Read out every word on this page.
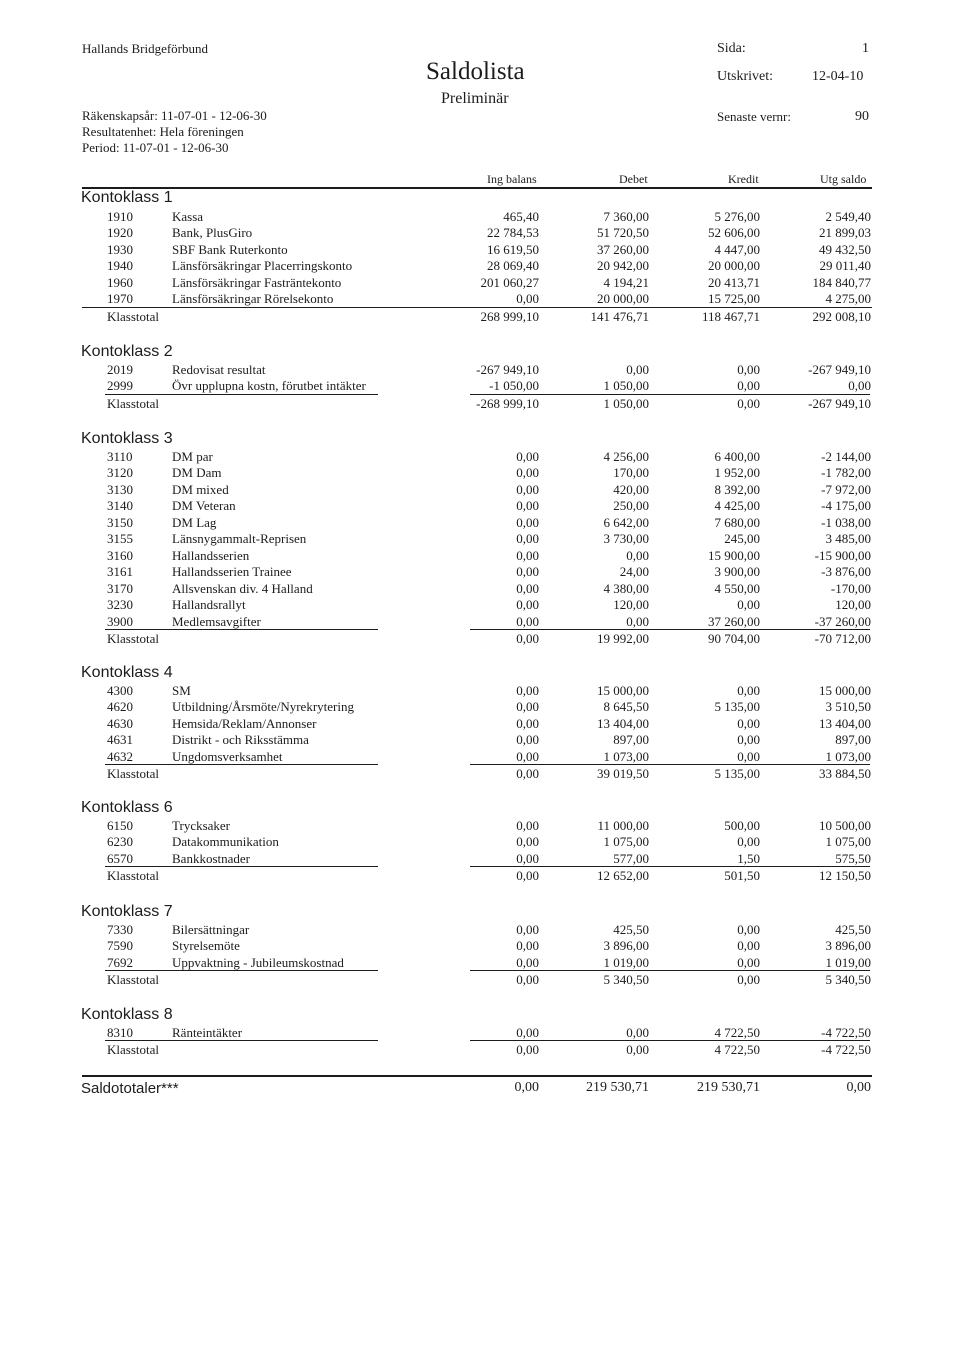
Hallands Bridgeförbund
Saldolista
Preliminär
Sida:	1
Utskrivet:	12-04-10
Senaste vernr:	90
Räkenskapsår: 11-07-01 - 12-06-30
Resultatenhet: Hela föreningen
Period: 11-07-01 - 12-06-30
Ing balans	Debet	Kredit	Utg saldo
Kontoklass 1
1910	Kassa	465,40	7 360,00	5 276,00	2 549,40
1920	Bank, PlusGiro	22 784,53	51 720,50	52 606,00	21 899,03
1930	SBF Bank Ruterkonto	16 619,50	37 260,00	4 447,00	49 432,50
1940	Länsförsäkringar Placerringskonto	28 069,40	20 942,00	20 000,00	29 011,40
1960	Länsförsäkringar Fasträntekonto	201 060,27	4 194,21	20 413,71	184 840,77
1970	Länsförsäkringar Rörelsekonto	0,00	20 000,00	15 725,00	4 275,00
Klasstotal	268 999,10	141 476,71	118 467,71	292 008,10
Kontoklass 2
2019	Redovisat resultat	-267 949,10	0,00	0,00	-267 949,10
2999	Övr upplupna kostn, förutbet intäkter	-1 050,00	1 050,00	0,00	0,00
Klasstotal	-268 999,10	1 050,00	0,00	-267 949,10
Kontoklass 3
3110	DM par	0,00	4 256,00	6 400,00	-2 144,00
3120	DM Dam	0,00	170,00	1 952,00	-1 782,00
3130	DM mixed	0,00	420,00	8 392,00	-7 972,00
3140	DM Veteran	0,00	250,00	4 425,00	-4 175,00
3150	DM Lag	0,00	6 642,00	7 680,00	-1 038,00
3155	Länsnygammalt-Reprisen	0,00	3 730,00	245,00	3 485,00
3160	Hallandsserien	0,00	0,00	15 900,00	-15 900,00
3161	Hallandsserien Trainee	0,00	24,00	3 900,00	-3 876,00
3170	Allsvenskan div. 4 Halland	0,00	4 380,00	4 550,00	-170,00
3230	Hallandsrallyt	0,00	120,00	0,00	120,00
3900	Medlemsavgifter	0,00	0,00	37 260,00	-37 260,00
Klasstotal	0,00	19 992,00	90 704,00	-70 712,00
Kontoklass 4
4300	SM	0,00	15 000,00	0,00	15 000,00
4620	Utbildning/Årsmöte/Nyrekrytering	0,00	8 645,50	5 135,00	3 510,50
4630	Hemsida/Reklam/Annonser	0,00	13 404,00	0,00	13 404,00
4631	Distrikt - och Riksstämma	0,00	897,00	0,00	897,00
4632	Ungdomsverksamhet	0,00	1 073,00	0,00	1 073,00
Klasstotal	0,00	39 019,50	5 135,00	33 884,50
Kontoklass 6
6150	Trycksaker	0,00	11 000,00	500,00	10 500,00
6230	Datakommunikation	0,00	1 075,00	0,00	1 075,00
6570	Bankkostnader	0,00	577,00	1,50	575,50
Klasstotal	0,00	12 652,00	501,50	12 150,50
Kontoklass 7
7330	Bilersättningar	0,00	425,50	0,00	425,50
7590	Styrelsemöte	0,00	3 896,00	0,00	3 896,00
7692	Uppvaktning - Jubileumskostnad	0,00	1 019,00	0,00	1 019,00
Klasstotal	0,00	5 340,50	0,00	5 340,50
Kontoklass 8
8310	Ränteintäkter	0,00	0,00	4 722,50	-4 722,50
Klasstotal	0,00	0,00	4 722,50	-4 722,50
Saldototaler***	0,00	219 530,71	219 530,71	0,00
